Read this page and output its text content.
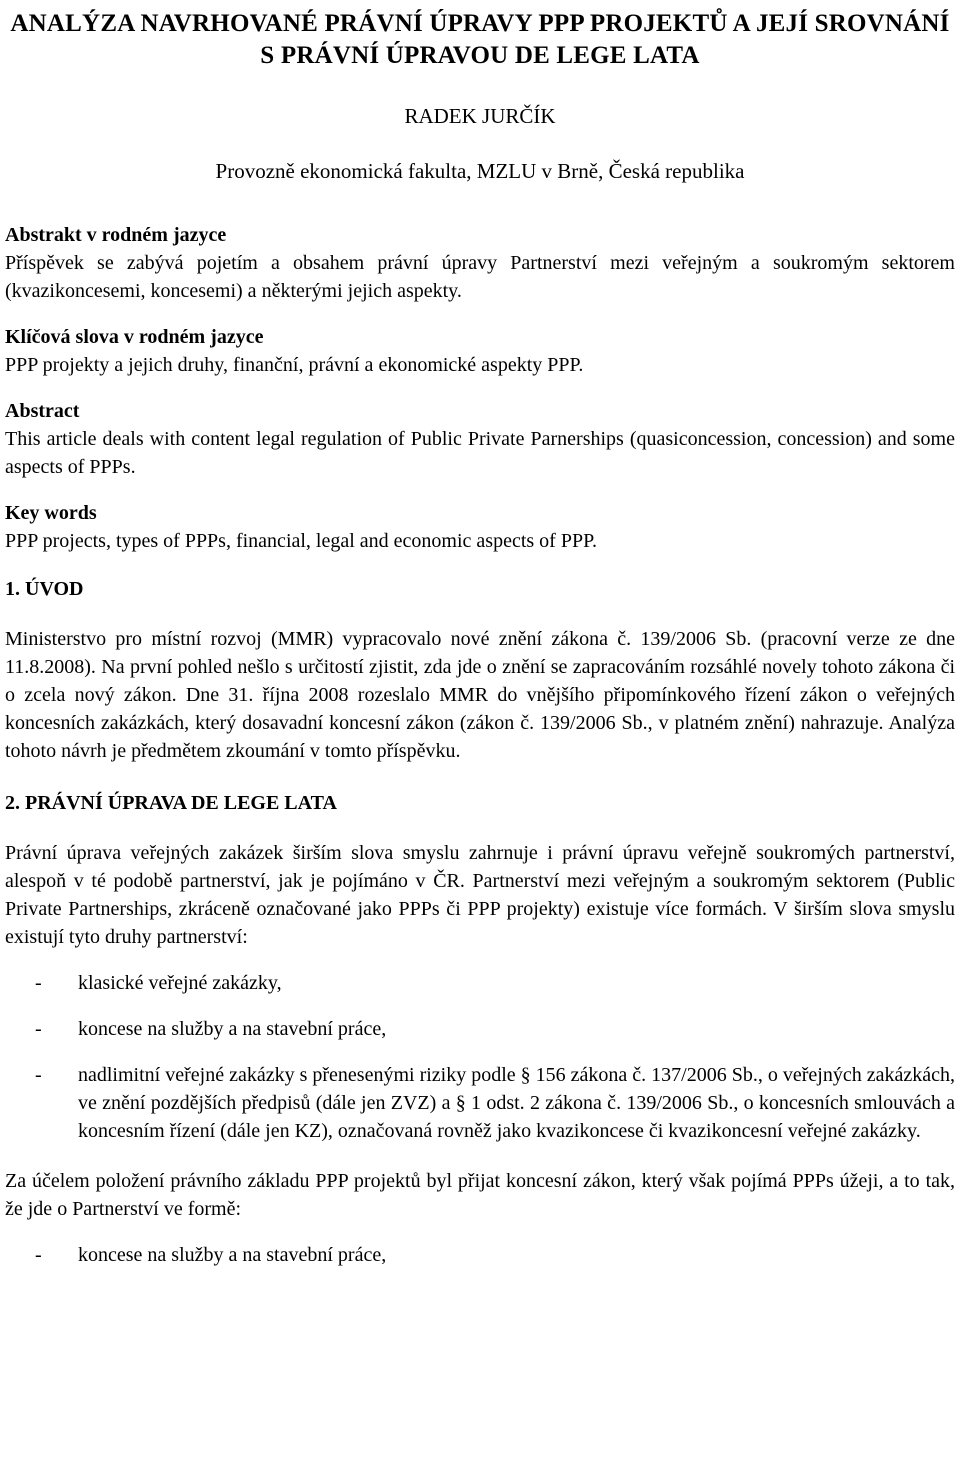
ANALÝZA NAVRHOVANÉ PRÁVNÍ ÚPRAVY PPP PROJEKTŮ A JEJÍ SROVNÁNÍ S PRÁVNÍ ÚPRAVOU DE LEGE LATA
RADEK JURČÍK
Provozně ekonomická fakulta, MZLU v Brně, Česká republika
Abstrakt v rodném jazyce
Příspěvek se zabývá pojetím a obsahem právní úpravy Partnerství mezi veřejným a soukromým sektorem (kvazikoncesemi, koncesemi) a některými jejich aspekty.
Klíčová slova v rodném jazyce
PPP projekty a jejich druhy, finanční, právní a ekonomické aspekty PPP.
Abstract
This article deals with content legal regulation of Public Private Parnerships (quasiconcession, concession) and some aspects of PPPs.
Key words
PPP projects, types of PPPs, financial, legal and economic aspects of PPP.
1. ÚVOD
Ministerstvo pro místní rozvoj (MMR) vypracovalo nové znění zákona č. 139/2006 Sb. (pracovní verze ze dne 11.8.2008). Na první pohled nešlo s určitostí zjistit, zda jde o znění se zapracováním rozsáhlé novely tohoto zákona či o zcela nový zákon. Dne 31. října 2008 rozeslalo MMR do vnějšího připomínkového řízení zákon o veřejných koncesních zakázkách, který dosavadní koncesní zákon (zákon č. 139/2006 Sb., v platném znění) nahrazuje. Analýza tohoto návrh je předmětem zkoumání v tomto příspěvku.
2. PRÁVNÍ ÚPRAVA DE LEGE LATA
Právní úprava veřejných zakázek širším slova smyslu zahrnuje i právní úpravu veřejně soukromých partnerství, alespoň v té podobě partnerství, jak je pojímáno v ČR. Partnerství mezi veřejným a soukromým sektorem (Public Private Partnerships, zkráceně označované jako PPPs či PPP projekty) existuje více formách. V širším slova smyslu existují tyto druhy partnerství:
- klasické veřejné zakázky,
- koncese na služby a na stavební práce,
- nadlimitní veřejné zakázky s přenesenými riziky podle § 156 zákona č. 137/2006 Sb., o veřejných zakázkách, ve znění pozdějších předpisů (dále jen ZVZ) a § 1 odst. 2 zákona č. 139/2006 Sb., o koncesních smlouvách a koncesním řízení (dále jen KZ), označovaná rovněž jako kvazikoncese či kvazikoncesní veřejné zakázky.
Za účelem položení právního základu PPP projektů byl přijat koncesní zákon, který však pojímá PPPs úžeji, a to tak, že jde o Partnerství ve formě:
- koncese na služby a na stavební práce,
